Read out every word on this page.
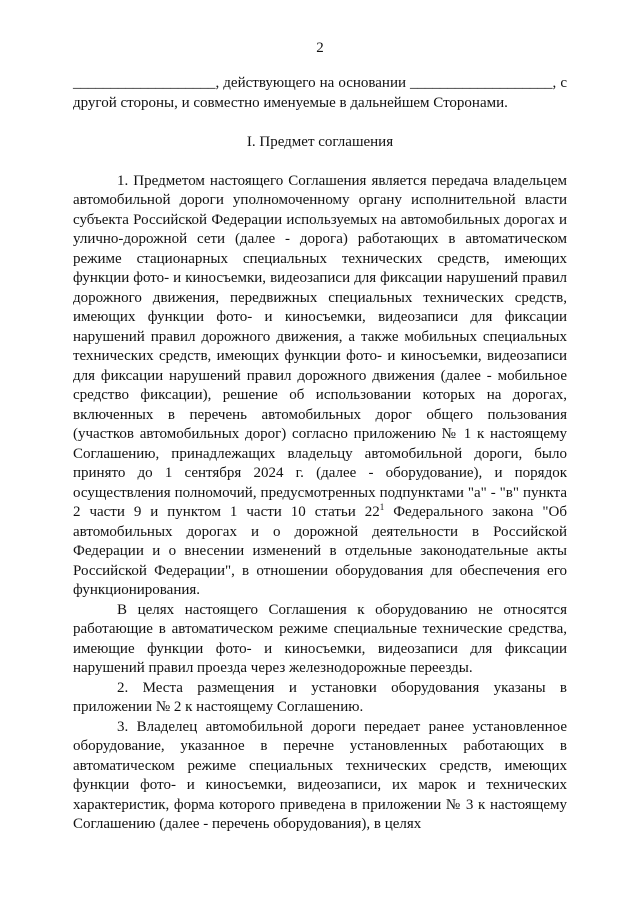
2

___________________, действующего на основании ___________________, с другой стороны, и совместно именуемые в дальнейшем Сторонами.

I. Предмет соглашения

1. Предметом настоящего Соглашения является передача владельцем автомобильной дороги уполномоченному органу исполнительной власти субъекта Российской Федерации используемых на автомобильных дорогах и улично-дорожной сети (далее - дорога) работающих в автоматическом режиме стационарных специальных технических средств, имеющих функции фото- и киносъемки, видеозаписи для фиксации нарушений правил дорожного движения, передвижных специальных технических средств, имеющих функции фото- и киносъемки, видеозаписи для фиксации нарушений правил дорожного движения, а также мобильных специальных технических средств, имеющих функции фото- и киносъемки, видеозаписи для фиксации нарушений правил дорожного движения (далее - мобильное средство фиксации), решение об использовании которых на дорогах, включенных в перечень автомобильных дорог общего пользования (участков автомобильных дорог) согласно приложению № 1 к настоящему Соглашению, принадлежащих владельцу автомобильной дороги, было принято до 1 сентября 2024 г. (далее - оборудование), и порядок осуществления полномочий, предусмотренных подпунктами "а" - "в" пункта 2 части 9 и пунктом 1 части 10 статьи $22^1$ Федерального закона "Об автомобильных дорогах и о дорожной деятельности в Российской Федерации и о внесении изменений в отдельные законодательные акты Российской Федерации", в отношении оборудования для обеспечения его функционирования.

В целях настоящего Соглашения к оборудованию не относятся работающие в автоматическом режиме специальные технические средства, имеющие функции фото- и киносъемки, видеозаписи для фиксации нарушений правил проезда через железнодорожные переезды.

2. Места размещения и установки оборудования указаны в приложении № 2 к настоящему Соглашению.

3. Владелец автомобильной дороги передает ранее установленное оборудование, указанное в перечне установленных работающих в автоматическом режиме специальных технических средств, имеющих функции фото- и киносъемки, видеозаписи, их марок и технических характеристик, форма которого приведена в приложении № 3 к настоящему Соглашению (далее - перечень оборудования), в целях
